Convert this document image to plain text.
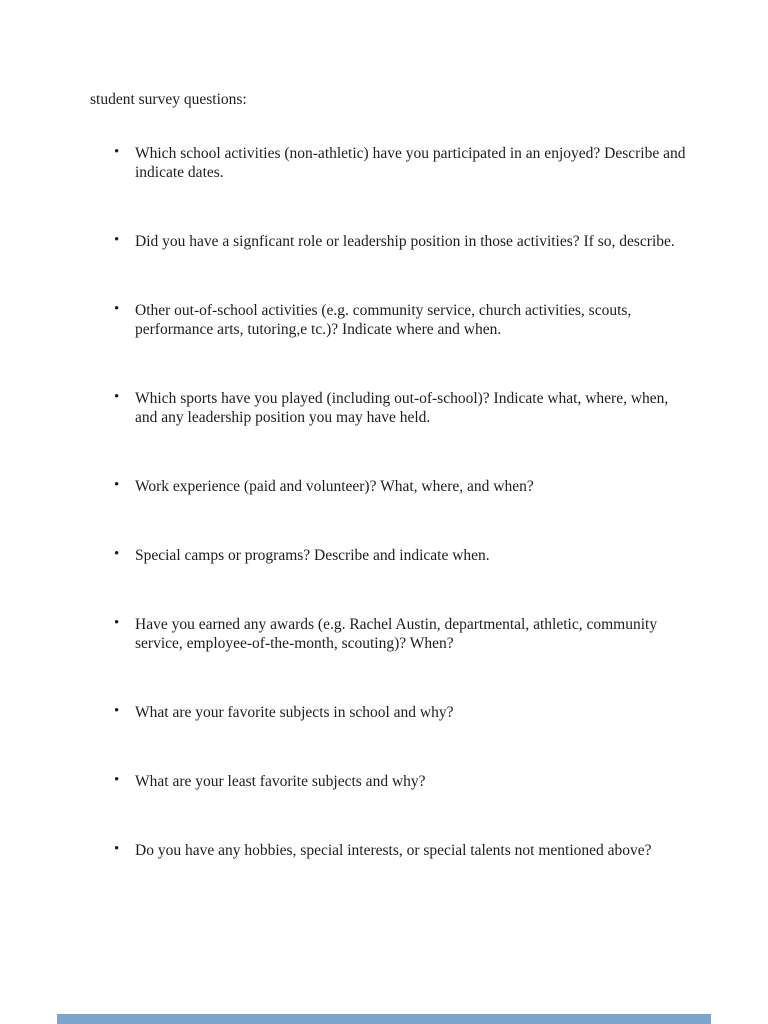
student survey questions:
• Which school activities (non-athletic) have you participated in an enjoyed? Describe and
indicate dates.
• Did you have a signficant role or leadership position in those activities? If so, describe.
• Other out-of-school activities (e.g. community service, church activities, scouts,
performance arts, tutoring,e tc.)? Indicate where and when.
• Which sports have you played (including out-of-school)? Indicate what, where, when,
and any leadership position you may have held.
• Work experience (paid and volunteer)? What, where, and when?
• Special camps or programs? Describe and indicate when.
• Have you earned any awards (e.g. Rachel Austin, departmental, athletic, community
service, employee-of-the-month, scouting)? When?
• What are your favorite subjects in school and why?
• What are your least favorite subjects and why?
• Do you have any hobbies, special interests, or special talents not mentioned above?
